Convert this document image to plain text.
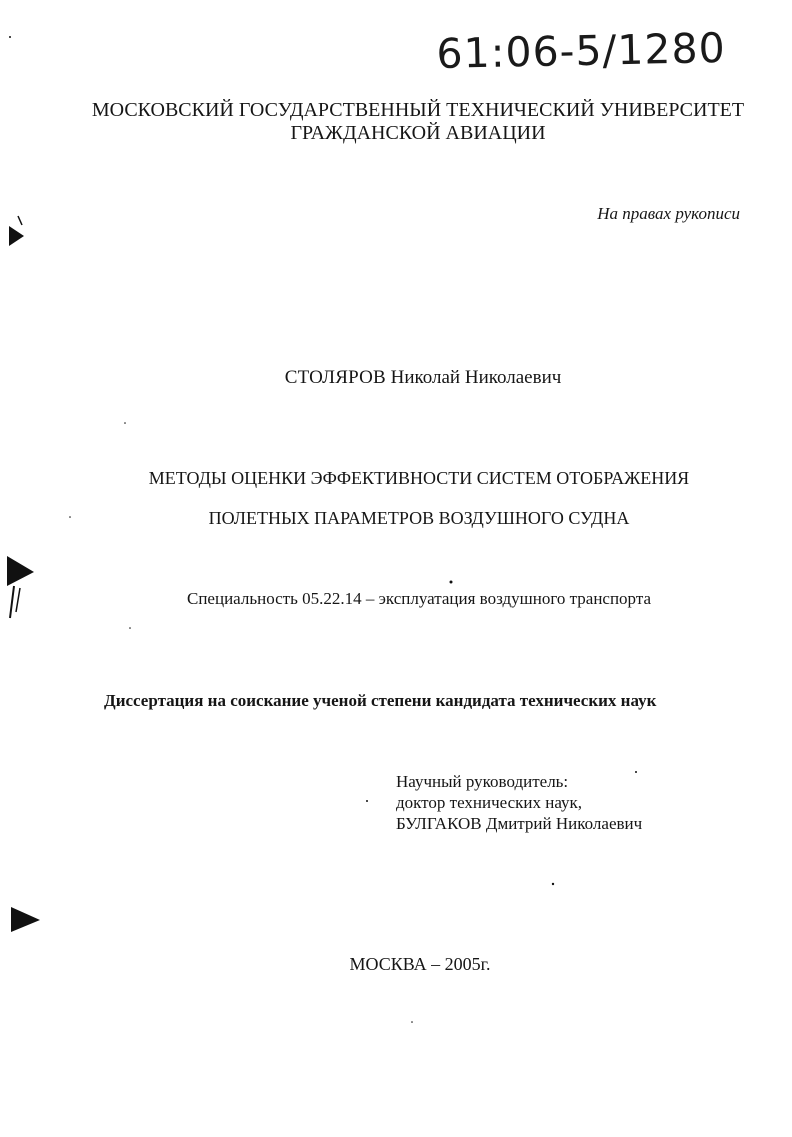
61:06-5/1280
МОСКОВСКИЙ ГОСУДАРСТВЕННЫЙ ТЕХНИЧЕСКИЙ УНИВЕРСИТЕТ
ГРАЖДАНСКОЙ АВИАЦИИ
На правах рукописи
СТОЛЯРОВ Николай Николаевич
МЕТОДЫ ОЦЕНКИ ЭФФЕКТИВНОСТИ СИСТЕМ ОТОБРАЖЕНИЯ
ПОЛЕТНЫХ ПАРАМЕТРОВ ВОЗДУШНОГО СУДНА
Специальность 05.22.14 – эксплуатация воздушного транспорта
Диссертация на соискание ученой степени кандидата технических наук
Научный руководитель:
доктор технических наук,
БУЛГАКОВ Дмитрий Николаевич
МОСКВА – 2005г.
